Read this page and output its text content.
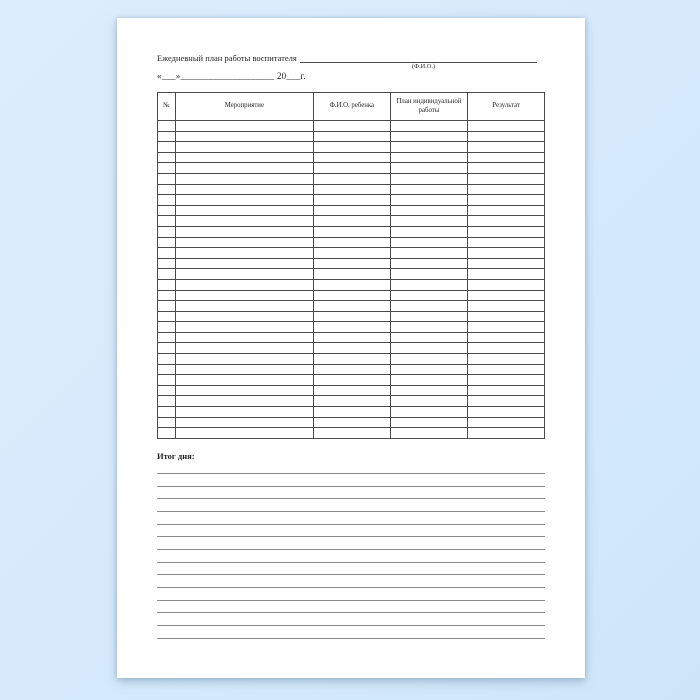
Ежедневный план работы воспитателя
(Ф.И.О.)
«___»____________________ 20___г.
№	Мероприятие	Ф.И.О. ребенка	План индивидуальной работы	Результат

Итог дня:
